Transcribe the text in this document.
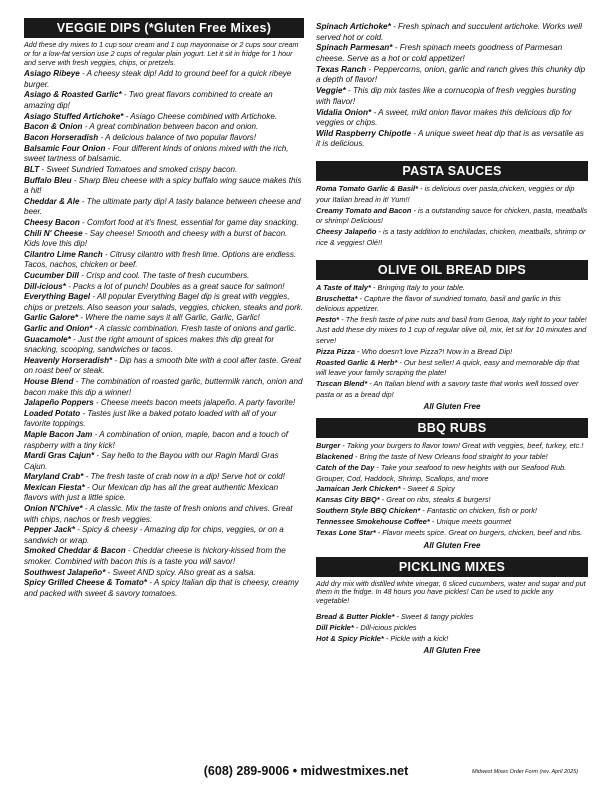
VEGGIE DIPS (*Gluten Free Mixes)
Add these dry mixes to 1 cup sour cream and 1 cup mayonnaise or 2 cups sour cream or for a low-fat version use 2 cups of regular plain yogurt. Let it sit in fridge for 1 hour and serve with fresh veggies, chips, or pretzels.
Asiago Ribeye - A cheesy steak dip! Add to ground beef for a quick ribeye burger.
Asiago & Roasted Garlic* - Two great flavors combined to create an amazing dip!
Asiago Stuffed Artichoke* - Asiago Cheese combined with Artichoke.
Bacon & Onion - A great combination between bacon and onion.
Bacon Horseradish - A delicious balance of two popular flavors!
Balsamic Four Onion - Four different kinds of onions mixed with the rich, sweet tartness of balsamic.
BLT - Sweet Sundried Tomatoes and smoked crispy bacon.
Buffalo Bleu - Sharp Bleu cheese with a spicy buffalo wing sauce makes this a hit!
Cheddar & Ale - The ultimate party dip! A tasty balance between cheese and beer.
Cheesy Bacon - Comfort food at it's finest, essential for game day snacking.
Chili N' Cheese - Say cheese! Smooth and cheesy with a burst of bacon. Kids love this dip!
Cilantro Lime Ranch - Citrusy cilantro with fresh lime. Options are endless. Tacos, nachos, chicken or beef.
Cucumber Dill - Crisp and cool. The taste of fresh cucumbers.
Dill-icious* - Packs a lot of punch! Doubles as a great sauce for salmon!
Everything Bagel - All popular Everything Bagel dip is great with veggies, chips or pretzels. Also season your salads, veggies, chicken, steaks and pork.
Garlic Galore* - Where the name says it all! Garlic, Garlic, Garlic!
Garlic and Onion* - A classic combination. Fresh taste of onions and garlic.
Guacamole* - Just the right amount of spices makes this dip great for snacking, scooping, sandwiches or tacos.
Heavenly Horseradish* - Dip has a smooth bite with a cool after taste. Great on roast beef or steak.
House Blend - The combination of roasted garlic, buttermilk ranch, onion and bacon make this dip a winner!
Jalapeño Poppers - Cheese meets bacon meets jalapeño. A party favorite!
Loaded Potato - Tastes just like a baked potato loaded with all of your favorite toppings.
Maple Bacon Jam - A combination of onion, maple, bacon and a touch of raspberry with a tiny kick!
Mardi Gras Cajun* - Say hello to the Bayou with our Ragin Mardi Gras Cajun.
Maryland Crab* - The fresh taste of crab now in a dip! Serve hot or cold!
Mexican Fiesta* - Our Mexican dip has all the great authentic Mexican flavors with just a little spice.
Onion N'Chive* - A classic. Mix the taste of fresh onions and chives. Great with chips, nachos or fresh veggies.
Pepper Jack* - Spicy & cheesy - Amazing dip for chips, veggies, or on a sandwich or wrap.
Smoked Cheddar & Bacon - Cheddar cheese is hickory-kissed from the smoker. Combined with bacon this is a taste you will savor!
Southwest Jalapeño* - Sweet AND spicy. Also great as a salsa.
Spicy Grilled Cheese & Tomato* - A spicy Italian dip that is cheesy, creamy and packed with sweet & savory tomatoes.
Spinach Artichoke* - Fresh spinach and succulent artichoke. Works well served hot or cold.
Spinach Parmesan* - Fresh spinach meets goodness of Parmesan cheese. Serve as a hot or cold appetizer!
Texas Ranch - Peppercorns, onion, garlic and ranch gives this chunky dip a depth of flavor!
Veggie* - This dip mix tastes like a cornucopia of fresh veggies bursting with flavor!
Vidalia Onion* - A sweet, mild onion flavor makes this delicious dip for veggies or chips.
Wild Raspberry Chipotle - A unique sweet heat dip that is as versatile as it is delicious.
PASTA SAUCES
Roma Tomato Garlic & Basil* - is delicious over pasta,chicken, veggies or dip your Italian bread in it! Yum!!
Creamy Tomato and Bacon - is a outstanding sauce for chicken, pasta, meatballs or shrimp! Delicious!
Cheesy Jalapeño - is a tasty addition to enchiladas, chicken, meatballs, shrimp or rice & veggies! Olé!!
OLIVE OIL BREAD DIPS
A Taste of Italy* - Bringing Italy to your table.
Bruschetta* - Capture the flavor of sundried tomato, basil and garlic in this delicious appetizer.
Pesto* - The fresh taste of pine nuts and basil from Genoa, Italy right to your table! Just add these dry mixes to 1 cup of regular olive oil, mix, let sit for 10 minutes and serve!
Pizza Pizza - Who doesn't love Pizza?! Now in a Bread Dip!
Roasted Garlic & Herb* - Our best seller! A quick, easy and memorable dip that will leave your family scraping the plate!
Tuscan Blend* - An Italian blend with a savory taste that works well tossed over pasta or as a bread dip!
All Gluten Free
BBQ RUBS
Burger - Taking your burgers to flavor town! Great with veggies, beef, turkey, etc.!
Blackened - Bring the taste of New Orleans food straight to your table!
Catch of the Day - Take your seafood to new heights with our Seafood Rub. Grouper, Cod, Haddock, Shrimp, Scallops, and more
Jamaican Jerk Chicken* - Sweet & Spicy
Kansas City BBQ* - Great on ribs, steaks & burgers!
Southern Style BBQ Chicken* - Fantastic on chicken, fish or pork!
Tennessee Smokehouse Coffee* - Unique meets gourmet
Texas Lone Star* - Flavor meets spice. Great on burgers, chicken, beef and ribs.
All Gluten Free
PICKLING MIXES
Add dry mix with distilled white vinegar, 6 sliced cucumbers, water and sugar and put them in the fridge. In 48 hours you have pickles! Can be used to pickle any vegetable!
Bread & Butter Pickle* - Sweet & tangy pickles
Dill Pickle* - Dill-icious pickles
Hot & Spicy Pickle* - Pickle with a kick!
All Gluten Free
(608) 289-9006 • midwestmixes.net	Midwest Mixes Order Form (rev. April 2025)
